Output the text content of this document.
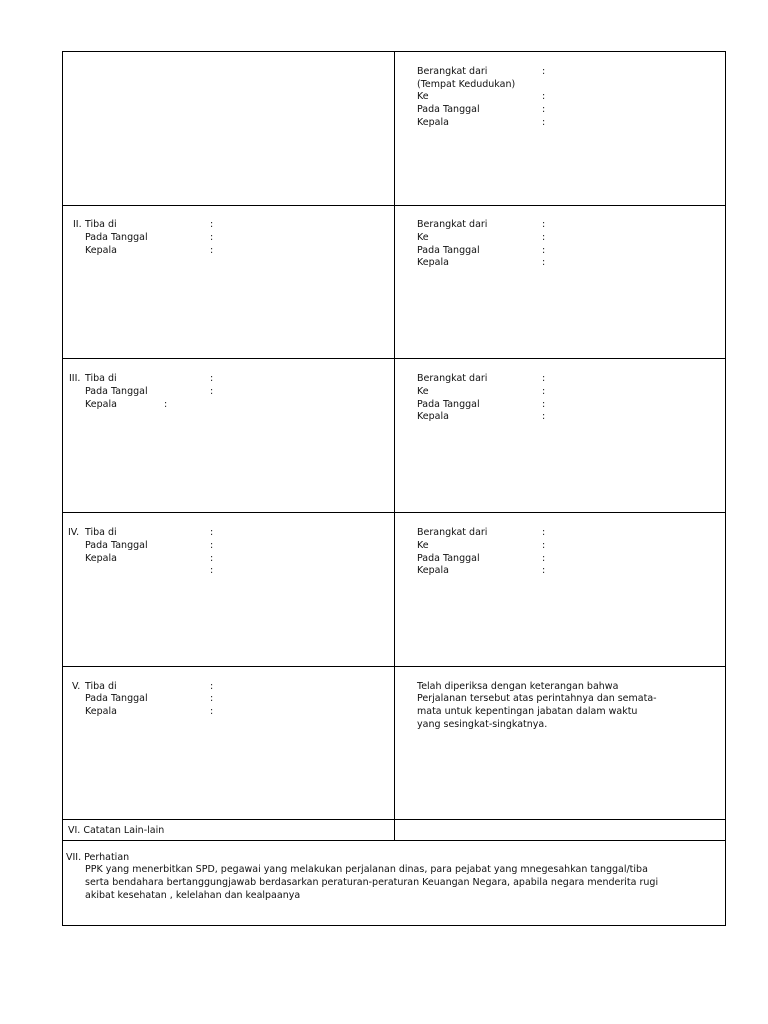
Berangkat dari
(Tempat Kedudukan)
Ke
Pada Tanggal
Kepala
:
:
:
:
II. Tiba di
Pada Tanggal
Kepala
:
:
:
Berangkat dari
Ke
Pada Tanggal
Kepala
:
:
:
:
III. Tiba di
Pada Tanggal
Kepala
:
:
:
Berangkat dari
Ke
Pada Tanggal
Kepala
:
:
:
:
IV. Tiba di
Pada Tanggal
Kepala
:
:
:
:
Berangkat dari
Ke
Pada Tanggal
Kepala
:
:
:
:
V. Tiba di
Pada Tanggal
Kepala
:
:
:
Telah diperiksa dengan keterangan bahwa
Perjalanan tersebut atas perintahnya dan semata-
mata untuk kepentingan jabatan dalam waktu
yang sesingkat-singkatnya.
VI. Catatan Lain-lain
VII. Perhatian
PPK yang menerbitkan SPD, pegawai yang melakukan perjalanan dinas, para pejabat yang mnegesahkan tanggal/tiba
serta bendahara bertanggungjawab berdasarkan peraturan-peraturan Keuangan Negara, apabila negara menderita rugi
akibat kesehatan , kelelahan dan kealpaanya
